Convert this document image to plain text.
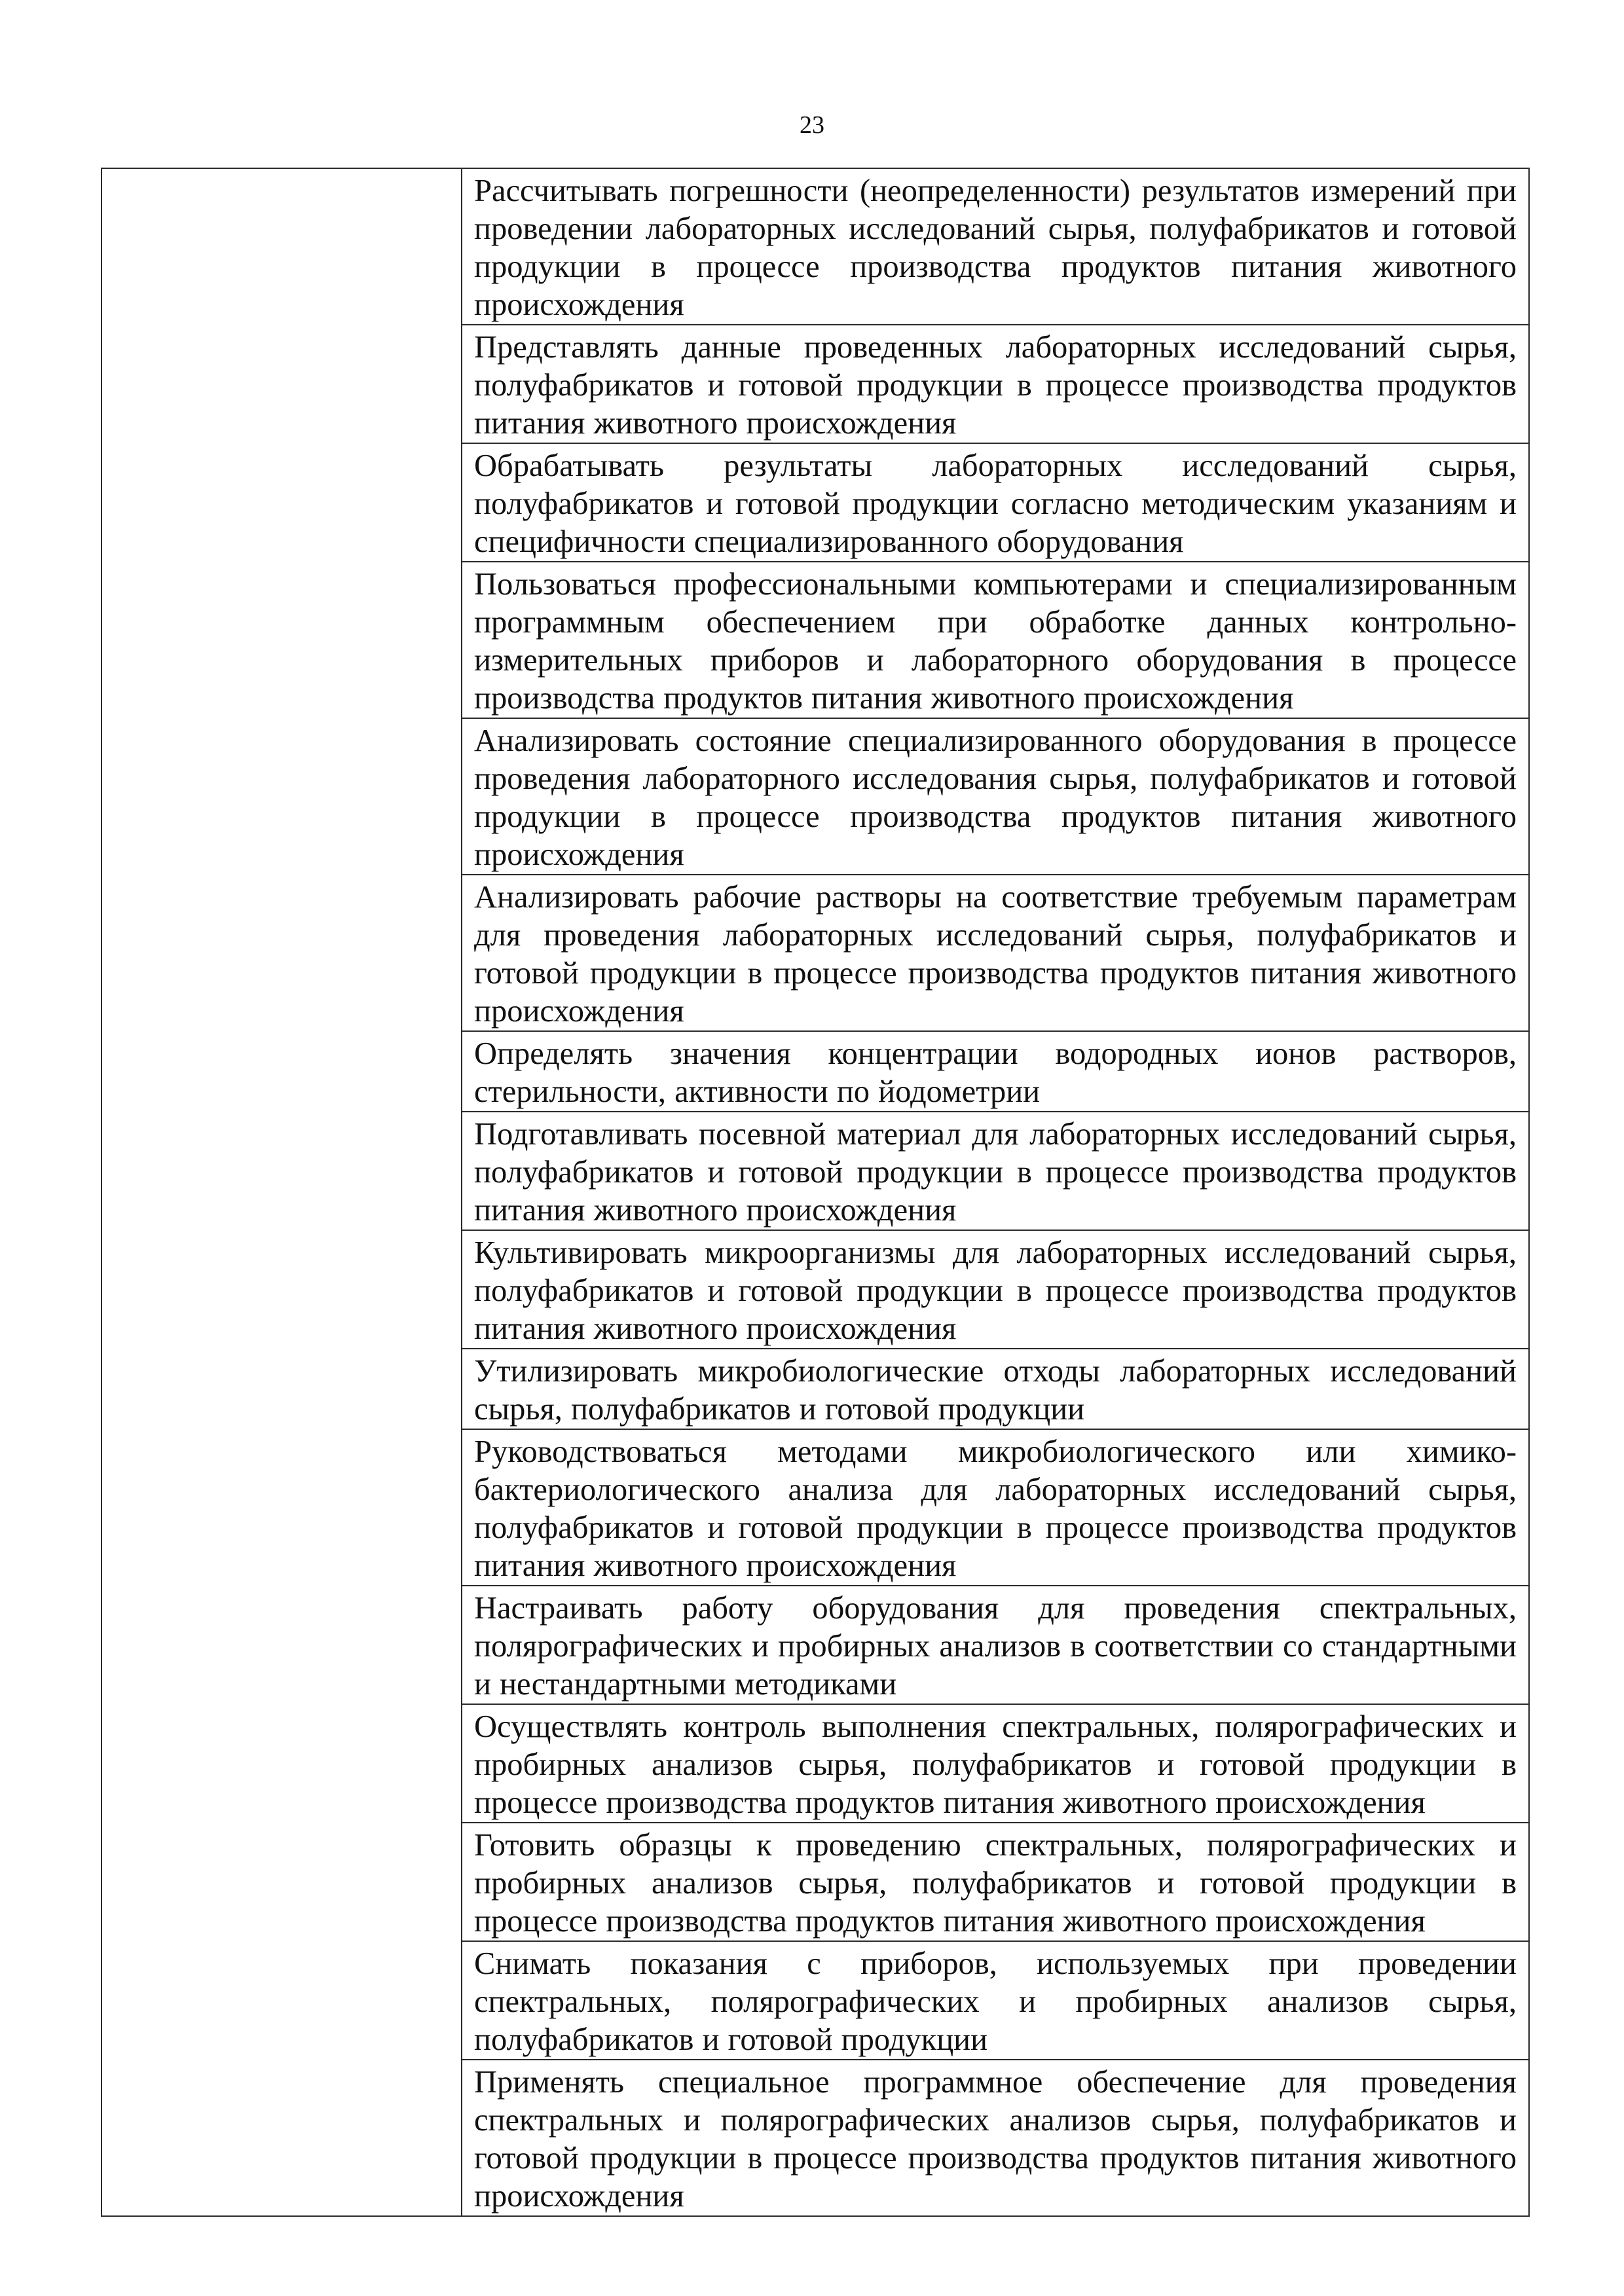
23

Рассчитывать погрешности (неопределенности) результатов измерений при проведении лабораторных исследований сырья, полуфабрикатов и готовой продукции в процессе производства продуктов питания животного происхождения

Представлять данные проведенных лабораторных исследований сырья, полуфабрикатов и готовой продукции в процессе производства продуктов питания животного происхождения

Обрабатывать результаты лабораторных исследований сырья, полуфабрикатов и готовой продукции согласно методическим указаниям и специфичности специализированного оборудования

Пользоваться профессиональными компьютерами и специализированным программным обеспечением при обработке данных контрольно-измерительных приборов и лабораторного оборудования в процессе производства продуктов питания животного происхождения

Анализировать состояние специализированного оборудования в процессе проведения лабораторного исследования сырья, полуфабрикатов и готовой продукции в процессе производства продуктов питания животного происхождения

Анализировать рабочие растворы на соответствие требуемым параметрам для проведения лабораторных исследований сырья, полуфабрикатов и готовой продукции в процессе производства продуктов питания животного происхождения

Определять значения концентрации водородных ионов растворов, стерильности, активности по йодометрии

Подготавливать посевной материал для лабораторных исследований сырья, полуфабрикатов и готовой продукции в процессе производства продуктов питания животного происхождения

Культивировать микроорганизмы для лабораторных исследований сырья, полуфабрикатов и готовой продукции в процессе производства продуктов питания животного происхождения

Утилизировать микробиологические отходы лабораторных исследований сырья, полуфабрикатов и готовой продукции

Руководствоваться методами микробиологического или химико-бактериологического анализа для лабораторных исследований сырья, полуфабрикатов и готовой продукции в процессе производства продуктов питания животного происхождения

Настраивать работу оборудования для проведения спектральных, полярографических и пробирных анализов в соответствии со стандартными и нестандартными методиками

Осуществлять контроль выполнения спектральных, полярографических и пробирных анализов сырья, полуфабрикатов и готовой продукции в процессе производства продуктов питания животного происхождения

Готовить образцы к проведению спектральных, полярографических и пробирных анализов сырья, полуфабрикатов и готовой продукции в процессе производства продуктов питания животного происхождения

Снимать показания с приборов, используемых при проведении спектральных, полярографических и пробирных анализов сырья, полуфабрикатов и готовой продукции

Применять специальное программное обеспечение для проведения спектральных и полярографических анализов сырья, полуфабрикатов и готовой продукции в процессе производства продуктов питания животного происхождения
